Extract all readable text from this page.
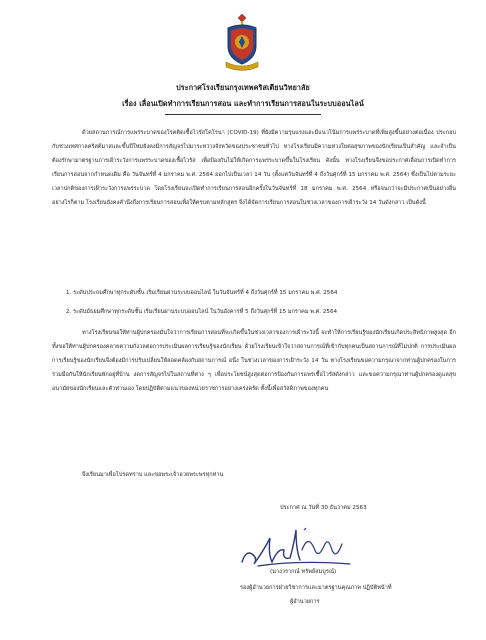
ประกาศโรงเรียนกรุงเทพคริสเตียนวิทยาลัย
เรื่อง เลื่อนเปิดทำการเรียนการสอน และทำการเรียนการสอนในระบบออนไลน์
ด้วยสถานการณ์การแพร่ระบาดของโรคติดเชื้อไวรัสโคโรนา (COVID-19) ที่ยังมีความรุนแรงและมีแนวโน้มการแพร่ระบาดที่เพิ่มสูงขึ้นอย่างต่อเนื่อง ประกอบกับช่วงเทศกาลคริสต์มาสและขึ้นปีใหม่ยังคงมีการสัญจรไปมาระหว่างจังหวัดของประชาชนทั่วไป ทางโรงเรียนมีความห่วงใยต่อสุขภาพของนักเรียนเป็นสำคัญ และจำเป็นต้องรักษามาตรฐานการเฝ้าระวังการแพร่ระบาดของเชื้อไวรัส เพื่อป้องกันไม่ให้เกิดการแพร่ระบาดขึ้นในโรงเรียน ดังนั้น ทางโรงเรียนจึงขอประกาศเลื่อนการเปิดทำการเรียนการสอนจากกำหนดเดิม คือ วันจันทร์ที่ 4 มกราคม พ.ศ. 2564 ออกไปเป็นเวลา 14 วัน (ตั้งแต่วันจันทร์ที่ 4 ถึงวันศุกร์ที่ 15 มกราคม พ.ศ. 2564) ซึ่งเป็นไปตามระยะเวลาปกติของการเฝ้าระวังการแพร่ระบาด โดยโรงเรียนจะเปิดทำการเรียนการสอนอีกครั้งในวันจันทร์ที่ 18 มกราคม พ.ศ. 2564 หรือจนกว่าจะมีประกาศเป็นอย่างอื่น อย่างไรก็ตาม โรงเรียนยังคงคำนึงถึงการเรียนการสอนเพื่อให้ครบตามหลักสูตร จึงได้จัดการเรียนการสอนในช่วงเวลาของการเฝ้าระวัง 14 วันดังกล่าว เป็นดังนี้
1. ระดับประถมศึกษาทุกระดับชั้น เริ่มเรียนผ่านระบบออนไลน์ ในวันจันทร์ที่ 4 ถึงวันศุกร์ที่ 15 มกราคม พ.ศ. 2564
2. ระดับมัธยมศึกษาทุกระดับชั้น เริ่มเรียนผ่านระบบออนไลน์ ในวันอังคารที่ 5 ถึงวันศุกร์ที่ 15 มกราคม พ.ศ. 2564
ทางโรงเรียนขอให้ท่านผู้ปกครองมั่นใจว่าการเรียนการสอนที่จะเกิดขึ้นในช่วงเวลาของการเฝ้าระวังนี้ จะทำให้การเรียนรู้ของนักเรียนเกิดประสิทธิภาพสูงสุด อีกทั้งขอให้ท่านผู้ปกครองคลายความกังวลต่อการประเมินผลการเรียนรู้ของนักเรียน ด้วยโรงเรียนเข้าใจว่าสถานการณ์ที่เข้ากับทุกคนเป็นสถานการณ์ที่ไม่ปกติ การประเมินผลการเรียนรู้ของนักเรียนจึงต้องมีการปรับเปลี่ยนให้สอดคล้องกับสถานการณ์ อนึ่ง ในช่วงเวลาของการเฝ้าระวัง 14 วัน ทางโรงเรียนขอความกรุณาจากท่านผู้ปกครองในการร่วมมือกันให้นักเรียนพักอยู่ที่บ้าน งดการสัญจรไปในสถานที่ต่าง ๆ เพื่อประโยชน์สูงสุดต่อการป้องกันการแพร่เชื้อไวรัสดังกล่าว และขอความกรุณาท่านผู้ปกครองดูแลสุขอนามัยของนักเรียนและตัวท่านเอง โดยปฏิบัติตามแนวของหน่วยราชการอย่างเคร่งครัด ทั้งนี้เพื่อสวัสดิภาพของทุกคน
จึงเรียนมาเพื่อโปรดทราบ และขอพระเจ้าอวยพระพรทุกท่าน
ประกาศ ณ วันที่ 30 ธันวาคม 2563
(นางวรากณ์ ทรัพย์สมบูรณ์)
รองผู้อำนวยการฝ่ายวิชาการและมาตรฐานคุณภาพ ปฏิบัติหน้าที่
ผู้อำนวยการ
